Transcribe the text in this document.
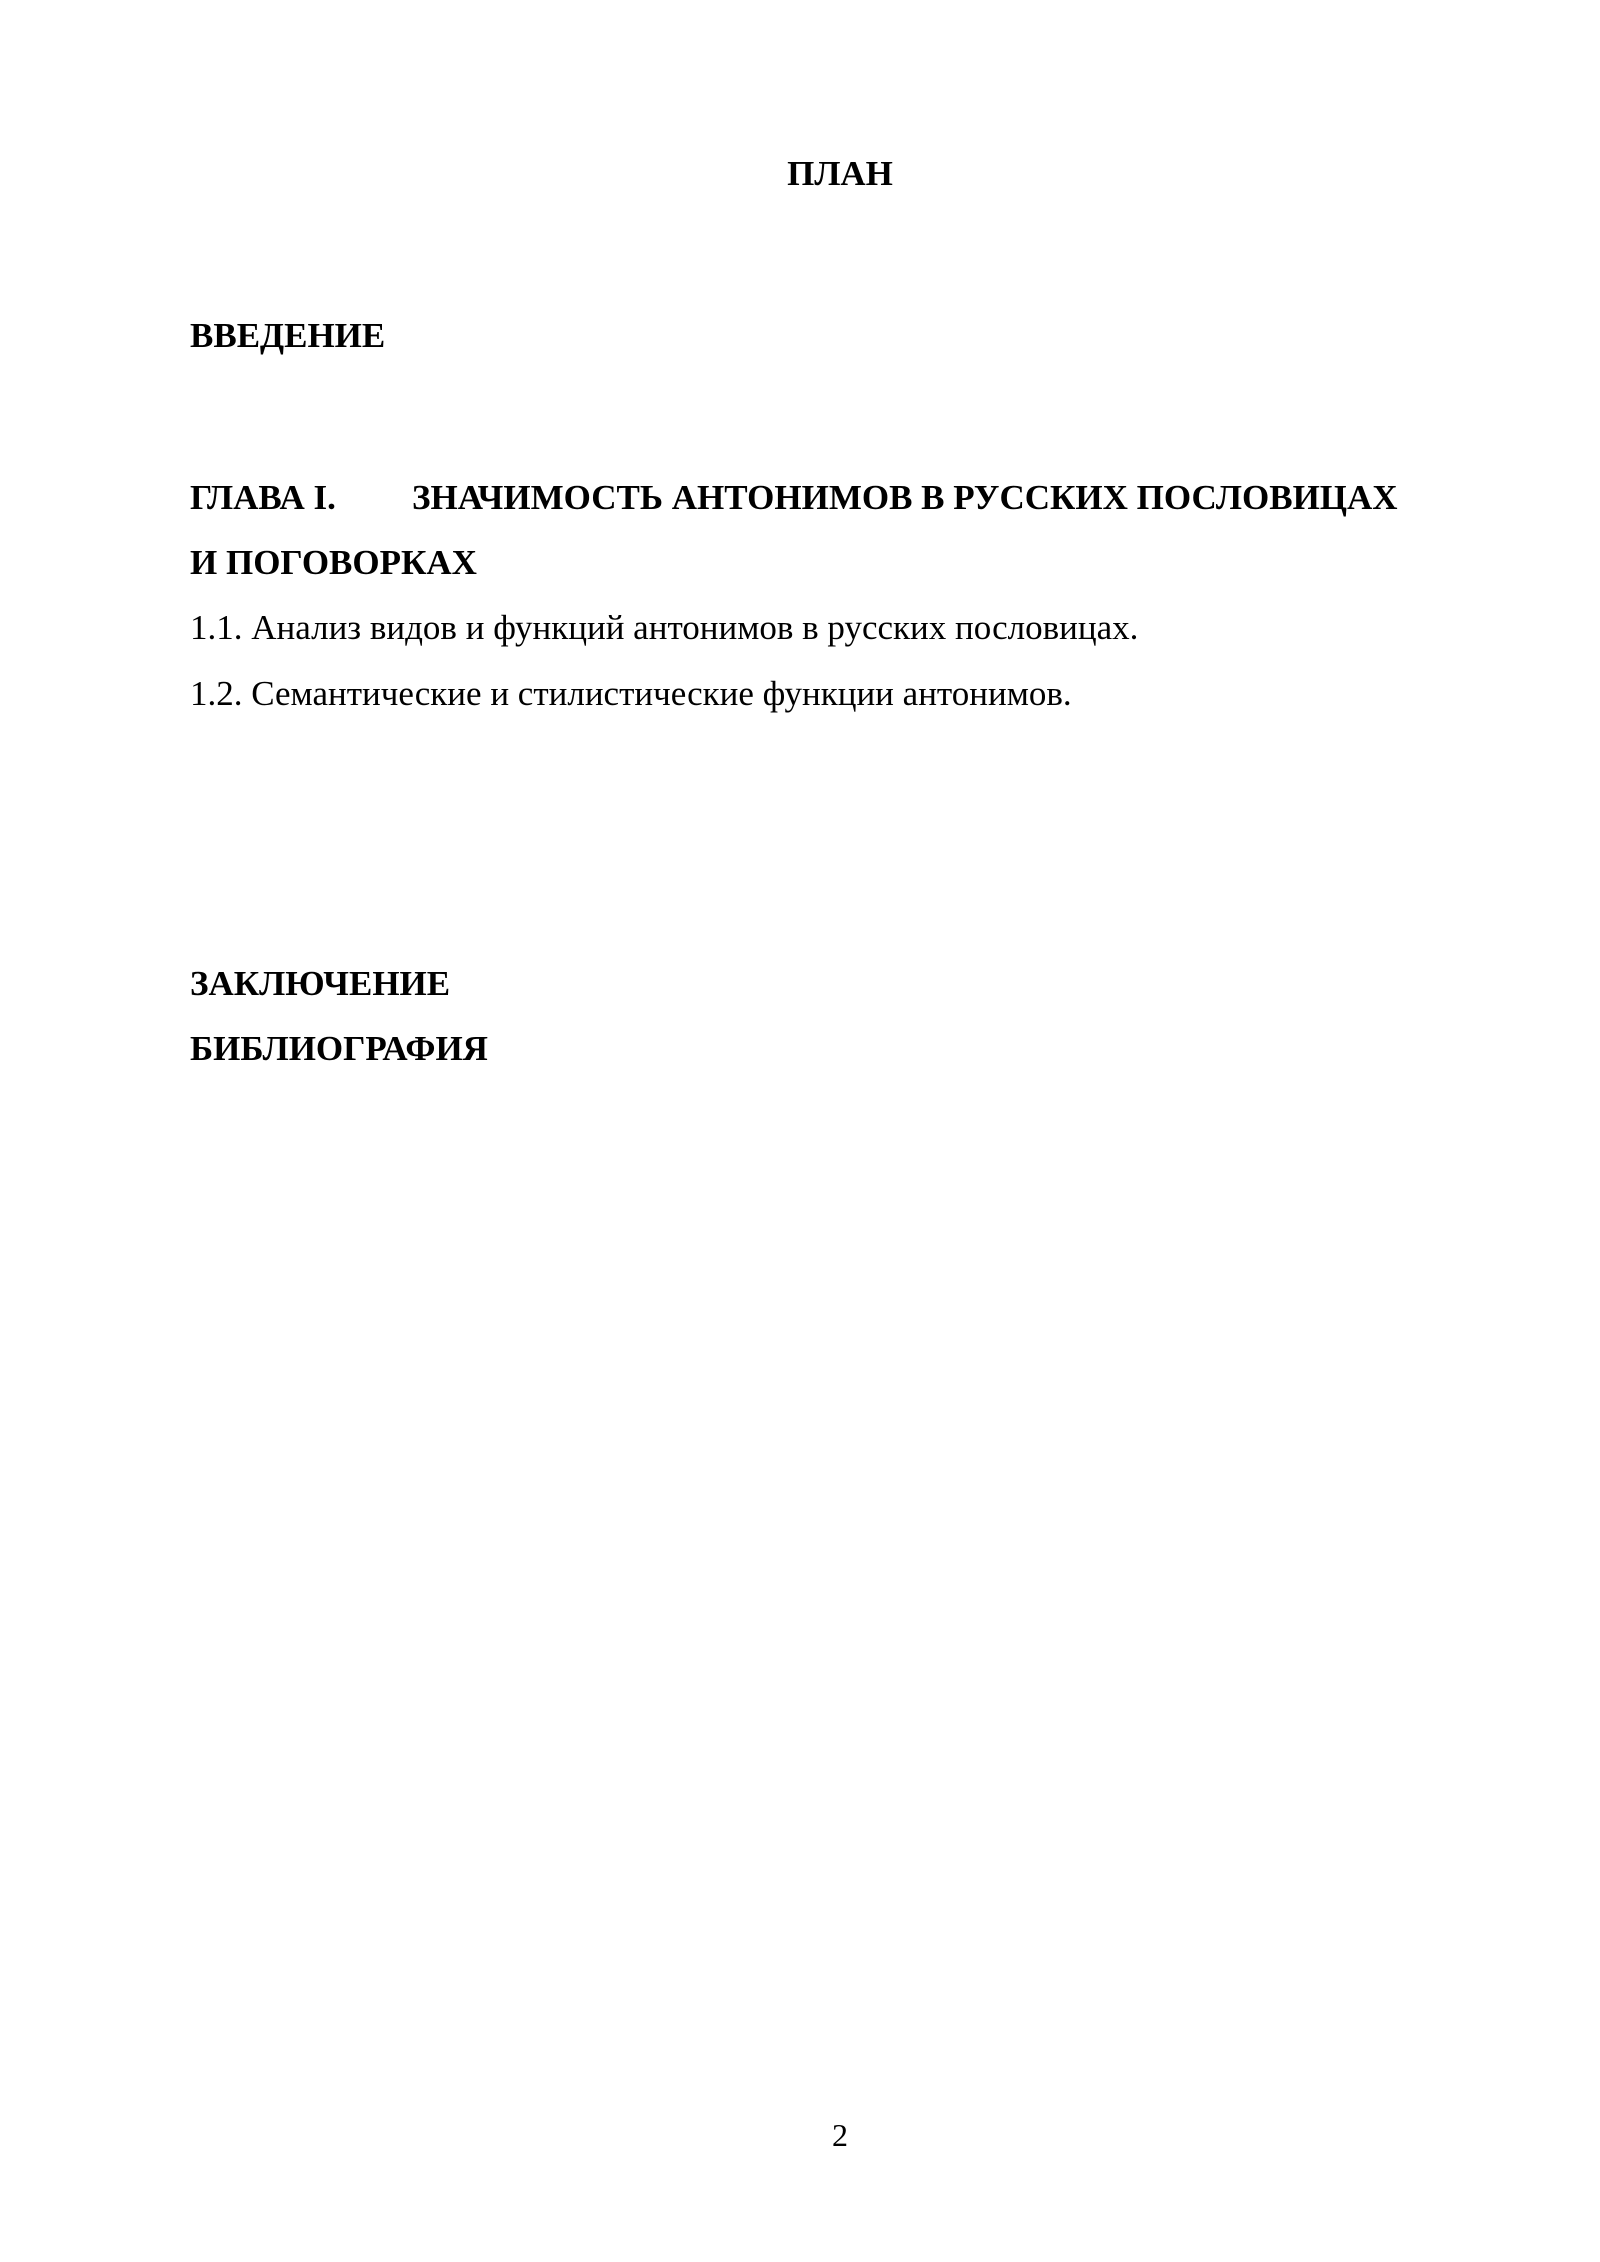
ПЛАН
ВВЕДЕНИЕ
ГЛАВА I. ЗНАЧИМОСТЬ АНТОНИМОВ В РУССКИХ ПОСЛОВИЦАХ
И ПОГОВОРКАХ
1.1. Анализ видов и функций антонимов в русских пословицах.
1.2. Семантические и стилистические функции антонимов.
ЗАКЛЮЧЕНИЕ
БИБЛИОГРАФИЯ
2
